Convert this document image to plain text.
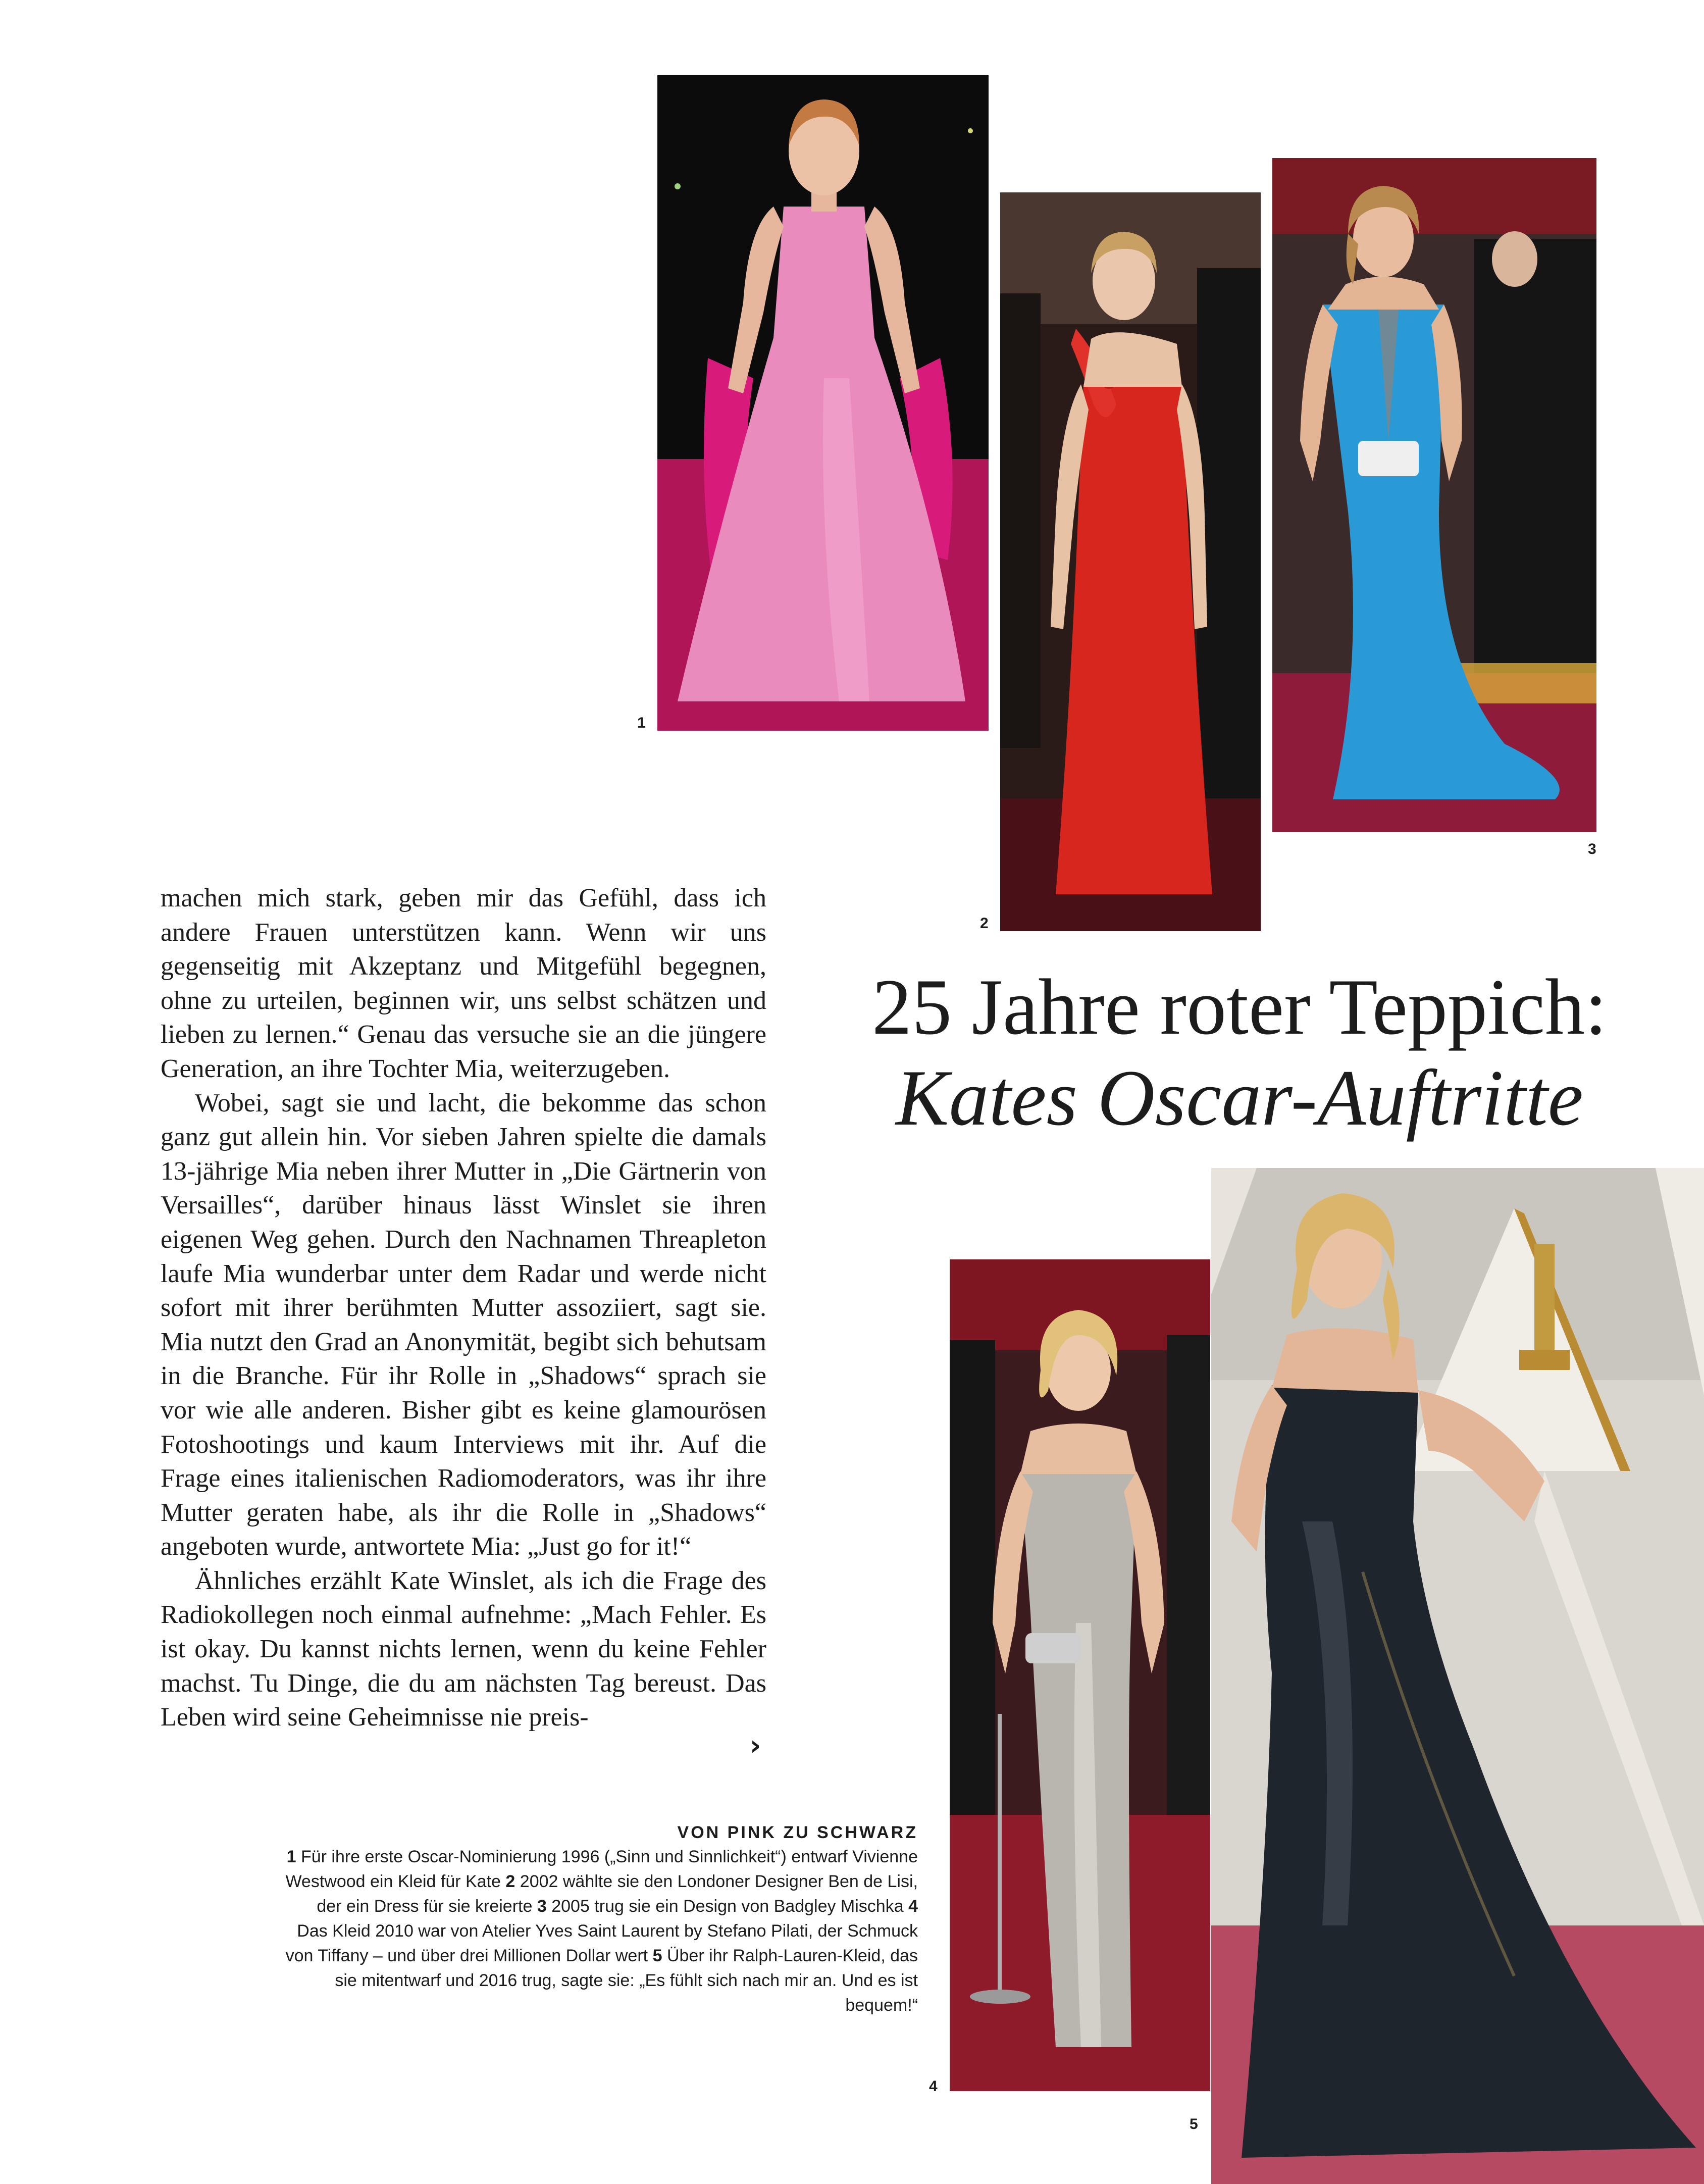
1
2
3
4
5
25 Jahre roter Teppich:
Kates Oscar-Auftritte

machen mich stark, geben mir das Gefühl, dass ich andere Frauen unterstützen kann. Wenn wir uns gegenseitig mit Akzeptanz und Mitgefühl begegnen, ohne zu urteilen, beginnen wir, uns selbst schätzen und lieben zu lernen.“ Genau das versuche sie an die jüngere Generation, an ihre Tochter Mia, weiterzugeben.

Wobei, sagt sie und lacht, die bekomme das schon ganz gut allein hin. Vor sieben Jahren spielte die damals 13-jährige Mia neben ihrer Mutter in „Die Gärtnerin von Versailles“, darüber hinaus lässt Winslet sie ihren eigenen Weg gehen. Durch den Nachnamen Threapleton laufe Mia wunderbar unter dem Radar und werde nicht sofort mit ihrer berühmten Mutter assoziiert, sagt sie. Mia nutzt den Grad an Anonymität, begibt sich behutsam in die Branche. Für ihr Rolle in „Shadows“ sprach sie vor wie alle anderen. Bisher gibt es keine glamourösen Fotoshootings und kaum Interviews mit ihr. Auf die Frage eines italienischen Radiomoderators, was ihr ihre Mutter geraten habe, als ihr die Rolle in „Shadows“ angeboten wurde, antwortete Mia: „Just go for it!“

Ähnliches erzählt Kate Winslet, als ich die Frage des Radiokollegen noch einmal aufnehme: „Mach Fehler. Es ist okay. Du kannst nichts lernen, wenn du keine Fehler machst. Tu Dinge, die du am nächsten Tag bereust. Das Leben wird seine Geheimnisse nie preis-

›
VON PINK ZU SCHWARZ
1 Für ihre erste Oscar-Nominierung 1996 („Sinn und Sinnlichkeit“) entwarf Vivienne Westwood ein Kleid für Kate 2 2002 wählte sie den Londoner Designer Ben de Lisi, der ein Dress für sie kreierte 3 2005 trug sie ein Design von Badgley Mischka 4 Das Kleid 2010 war von Atelier Yves Saint Laurent by Stefano Pilati, der Schmuck von Tiffany – und über drei Millionen Dollar wert 5 Über ihr Ralph-Lauren-Kleid, das sie mitentwarf und 2016 trug, sagte sie: „Es fühlt sich nach mir an. Und es ist bequem!“
